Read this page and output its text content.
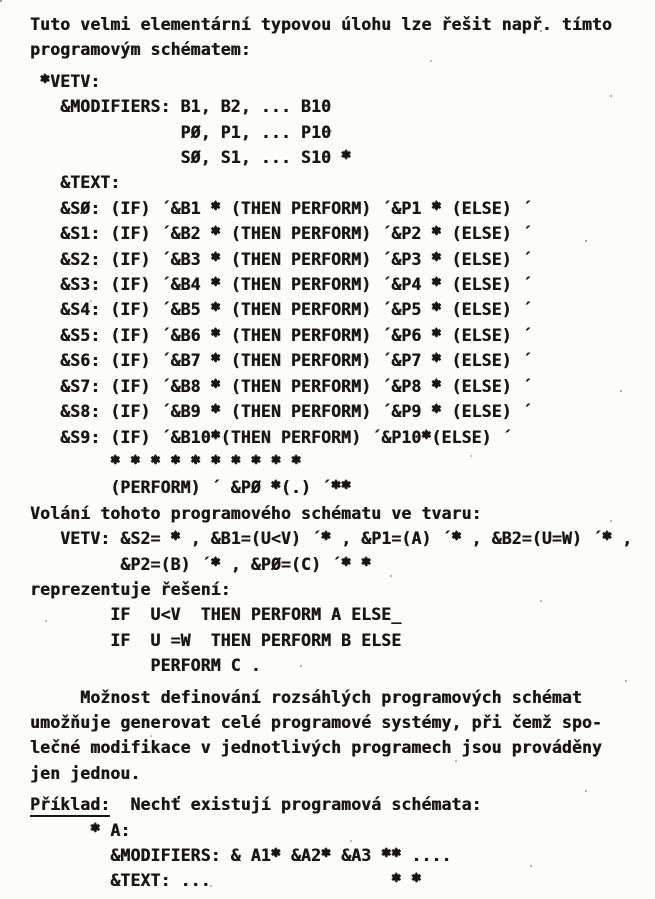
Tuto velmi elementární typovou úlohu lze řešit např. tímto
programovým schématem:
*VETV:
&MODIFIERS: B1, B2, ... B10
PØ, P1, ... P10
SØ, S1, ... S10 *
&TEXT:
&SØ: (IF) ´&B1 * (THEN PERFORM) ´&P1 * (ELSE) ´
&S1: (IF) ´&B2 * (THEN PERFORM) ´&P2 * (ELSE) ´
&S2: (IF) ´&B3 * (THEN PERFORM) ´&P3 * (ELSE) ´
&S3: (IF) ´&B4 * (THEN PERFORM) ´&P4 * (ELSE) ´
&S4: (IF) ´&B5 * (THEN PERFORM) ´&P5 * (ELSE) ´
&S5: (IF) ´&B6 * (THEN PERFORM) ´&P6 * (ELSE) ´
&S6: (IF) ´&B7 * (THEN PERFORM) ´&P7 * (ELSE) ´
&S7: (IF) ´&B8 * (THEN PERFORM) ´&P8 * (ELSE) ´
&S8: (IF) ´&B9 * (THEN PERFORM) ´&P9 * (ELSE) ´
&S9: (IF) ´&B10*(THEN PERFORM) ´&P10*(ELSE) ´
* * * * * * * * * *
(PERFORM) ´ &PØ *(.) ´**
Volání tohoto programového schématu ve tvaru:
VETV: &S2= * , &B1=(U<V) ´* , &P1=(A) ´* , &B2=(U=W) ´* ,
&P2=(B) ´* , &PØ=(C) ´* *
reprezentuje řešení:
IF  U<V  THEN PERFORM A ELSE_
IF  U =W  THEN PERFORM B ELSE
PERFORM C .
Možnost definování rozsáhlých programových schémat
umožňuje generovat celé programové systémy, při čemž spo-
lečné modifikace v jednotlivých programech jsou prováděny
jen jednou.
Příklad:  Nechť existují programová schémata:
* A:
&MODIFIERS: & A1* &A2* &A3 ** ....
&TEXT: ...                  * *
